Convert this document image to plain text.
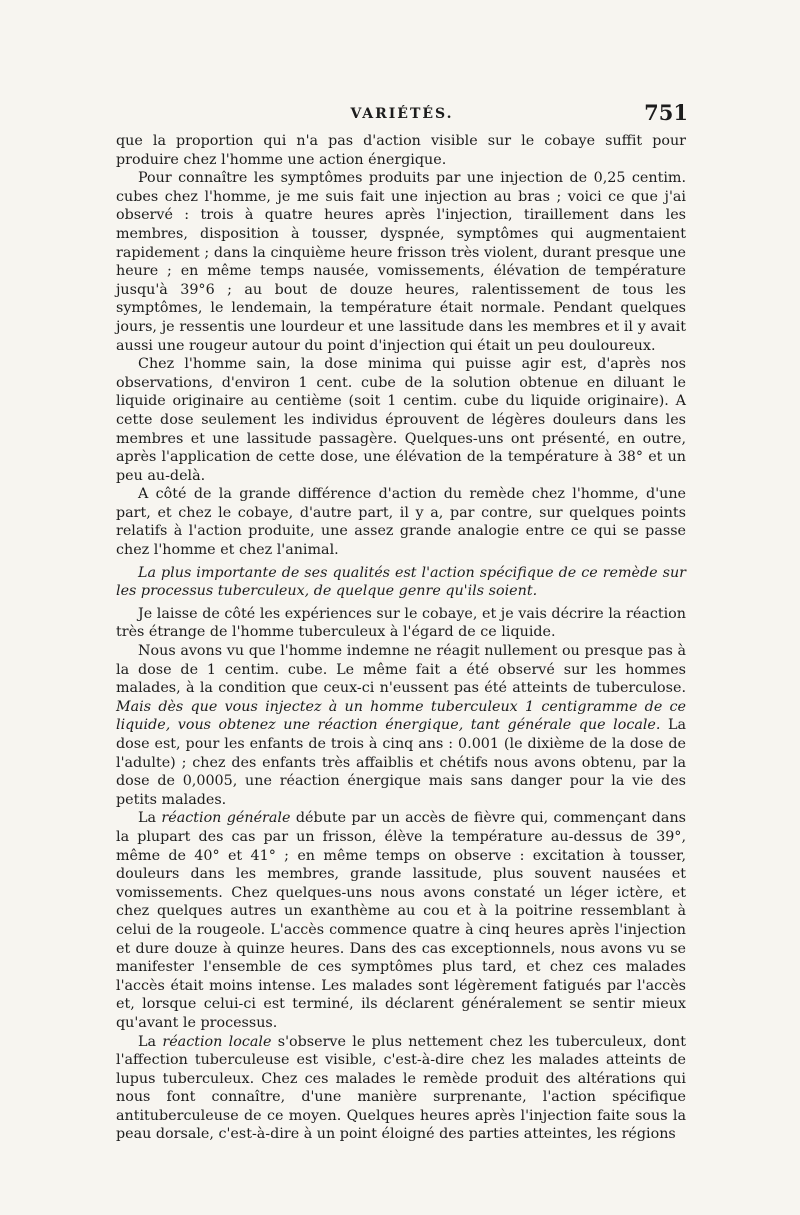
VARIÉTÉS.	751

que la proportion qui n'a pas d'action visible sur le cobaye suffit pour produire chez l'homme une action énergique.

Pour connaître les symptômes produits par une injection de 0,25 centim. cubes chez l'homme, je me suis fait une injection au bras ; voici ce que j'ai observé : trois à quatre heures après l'injection, tiraillement dans les membres, disposition à tousser, dyspnée, symptômes qui augmentaient rapidement ; dans la cinquième heure frisson très violent, durant presque une heure ; en même temps nausée, vomissements, élévation de température jusqu'à 39°6 ; au bout de douze heures, ralentissement de tous les symptômes, le lendemain, la température était normale. Pendant quelques jours, je ressentis une lourdeur et une lassitude dans les membres et il y avait aussi une rougeur autour du point d'injection qui était un peu douloureux.

Chez l'homme sain, la dose minima qui puisse agir est, d'après nos observations, d'environ 1 cent. cube de la solution obtenue en diluant le liquide originaire au centième (soit 1 centim. cube du liquide originaire). A cette dose seulement les individus éprouvent de légères douleurs dans les membres et une lassitude passagère. Quelques-uns ont présenté, en outre, après l'application de cette dose, une élévation de la température à 38° et un peu au-delà.

A côté de la grande différence d'action du remède chez l'homme, d'une part, et chez le cobaye, d'autre part, il y a, par contre, sur quelques points relatifs à l'action produite, une assez grande analogie entre ce qui se passe chez l'homme et chez l'animal.

La plus importante de ses qualités est l'action spécifique de ce remède sur les processus tuberculeux, de quelque genre qu'ils soient.

Je laisse de côté les expériences sur le cobaye, et je vais décrire la réaction très étrange de l'homme tuberculeux à l'égard de ce liquide.

Nous avons vu que l'homme indemne ne réagit nullement ou presque pas à la dose de 1 centim. cube. Le même fait a été observé sur les hommes malades, à la condition que ceux-ci n'eussent pas été atteints de tuberculose. Mais dès que vous injectez à un homme tuberculeux 1 centigramme de ce liquide, vous obtenez une réaction énergique, tant générale que locale. La dose est, pour les enfants de trois à cinq ans : 0.001 (le dixième de la dose de l'adulte) ; chez des enfants très affaiblis et chétifs nous avons obtenu, par la dose de 0,0005, une réaction énergique mais sans danger pour la vie des petits malades.

La réaction générale débute par un accès de fièvre qui, commençant dans la plupart des cas par un frisson, élève la température au-dessus de 39°, même de 40° et 41° ; en même temps on observe : excitation à tousser, douleurs dans les membres, grande lassitude, plus souvent nausées et vomissements. Chez quelques-uns nous avons constaté un léger ictère, et chez quelques autres un exanthème au cou et à la poitrine ressemblant à celui de la rougeole. L'accès commence quatre à cinq heures après l'injection et dure douze à quinze heures. Dans des cas exceptionnels, nous avons vu se manifester l'ensemble de ces symptômes plus tard, et chez ces malades l'accès était moins intense. Les malades sont légèrement fatigués par l'accès et, lorsque celui-ci est terminé, ils déclarent généralement se sentir mieux qu'avant le processus.

La réaction locale s'observe le plus nettement chez les tuberculeux, dont l'affection tuberculeuse est visible, c'est-à-dire chez les malades atteints de lupus tuberculeux. Chez ces malades le remède produit des altérations qui nous font connaître, d'une manière surprenante, l'action spécifique antituberculeuse de ce moyen. Quelques heures après l'injection faite sous la peau dorsale, c'est-à-dire à un point éloigné des parties atteintes, les régions
